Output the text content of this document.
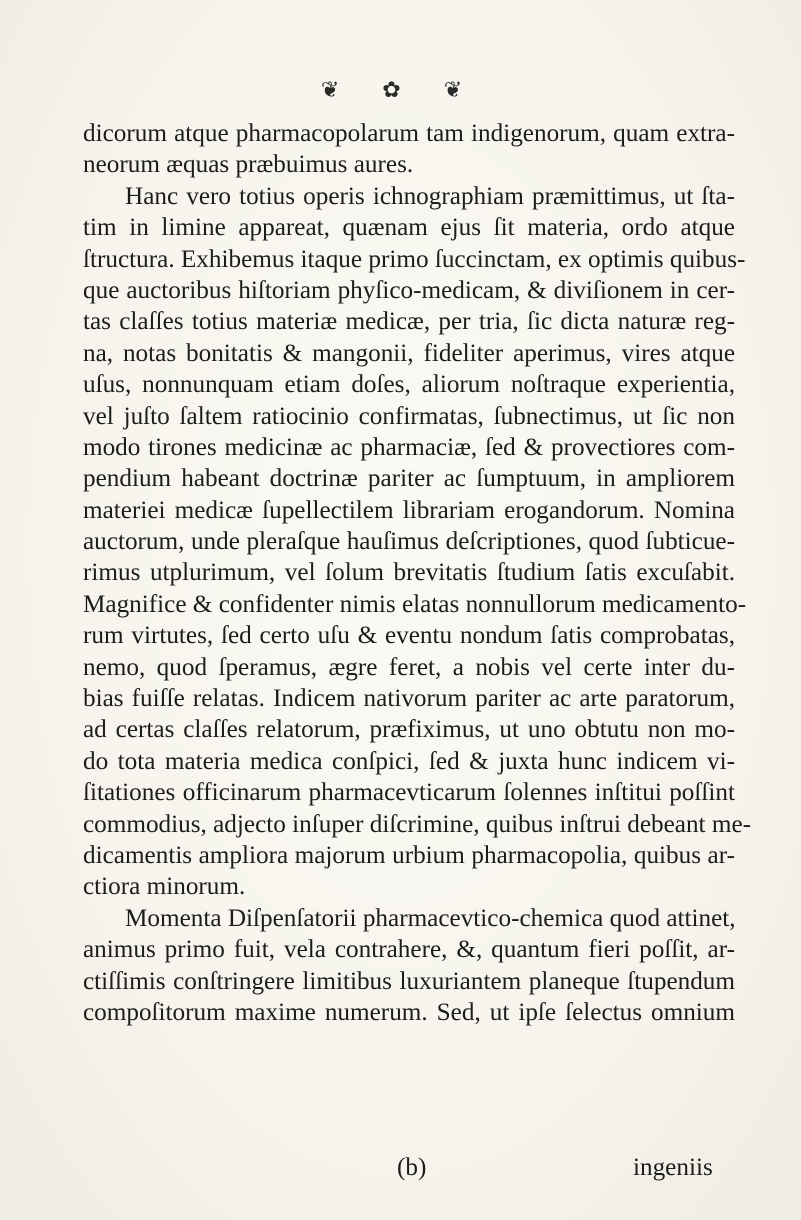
❦ ✿ ❦
dicorum atque pharmacopolarum tam indigenorum, quam extra-
neorum æquas præbuimus aures.
Hanc vero totius operis ichnographiam præmittimus, ut ſta-
tim in limine appareat, quænam ejus ſit materia, ordo atque
ſtructura. Exhibemus itaque primo ſuccinctam, ex optimis quibus-
que auctoribus hiſtoriam phyſico-medicam, & diviſionem in cer-
tas claſſes totius materiæ medicæ, per tria, ſic dicta naturæ reg-
na, notas bonitatis & mangonii, fideliter aperimus, vires atque
uſus, nonnunquam etiam doſes, aliorum noſtraque experientia,
vel juſto ſaltem ratiocinio confirmatas, ſubnectimus, ut ſic non
modo tirones medicinæ ac pharmaciæ, ſed & provectiores com-
pendium habeant doctrinæ pariter ac ſumptuum, in ampliorem
materiei medicæ ſupellectilem librariam erogandorum. Nomina
auctorum, unde pleraſque hauſimus deſcriptiones, quod ſubticue-
rimus utplurimum, vel ſolum brevitatis ſtudium ſatis excuſabit.
Magnifice & confidenter nimis elatas nonnullorum medicamento-
rum virtutes, ſed certo uſu & eventu nondum ſatis comprobatas,
nemo, quod ſperamus, ægre feret, a nobis vel certe inter du-
bias fuiſſe relatas. Indicem nativorum pariter ac arte paratorum,
ad certas claſſes relatorum, præfiximus, ut uno obtutu non mo-
do tota materia medica conſpici, ſed & juxta hunc indicem vi-
ſitationes officinarum pharmacevticarum ſolennes inſtitui poſſint
commodius, adjecto inſuper diſcrimine, quibus inſtrui debeant me-
dicamentis ampliora majorum urbium pharmacopolia, quibus ar-
ctiora minorum.
Momenta Diſpenſatorii pharmacevtico-chemica quod attinet,
animus primo fuit, vela contrahere, &, quantum fieri poſſit, ar-
ctiſſimis conſtringere limitibus luxuriantem planeque ſtupendum
compoſitorum maxime numerum. Sed, ut ipſe ſelectus omnium
(b)	ingeniis
